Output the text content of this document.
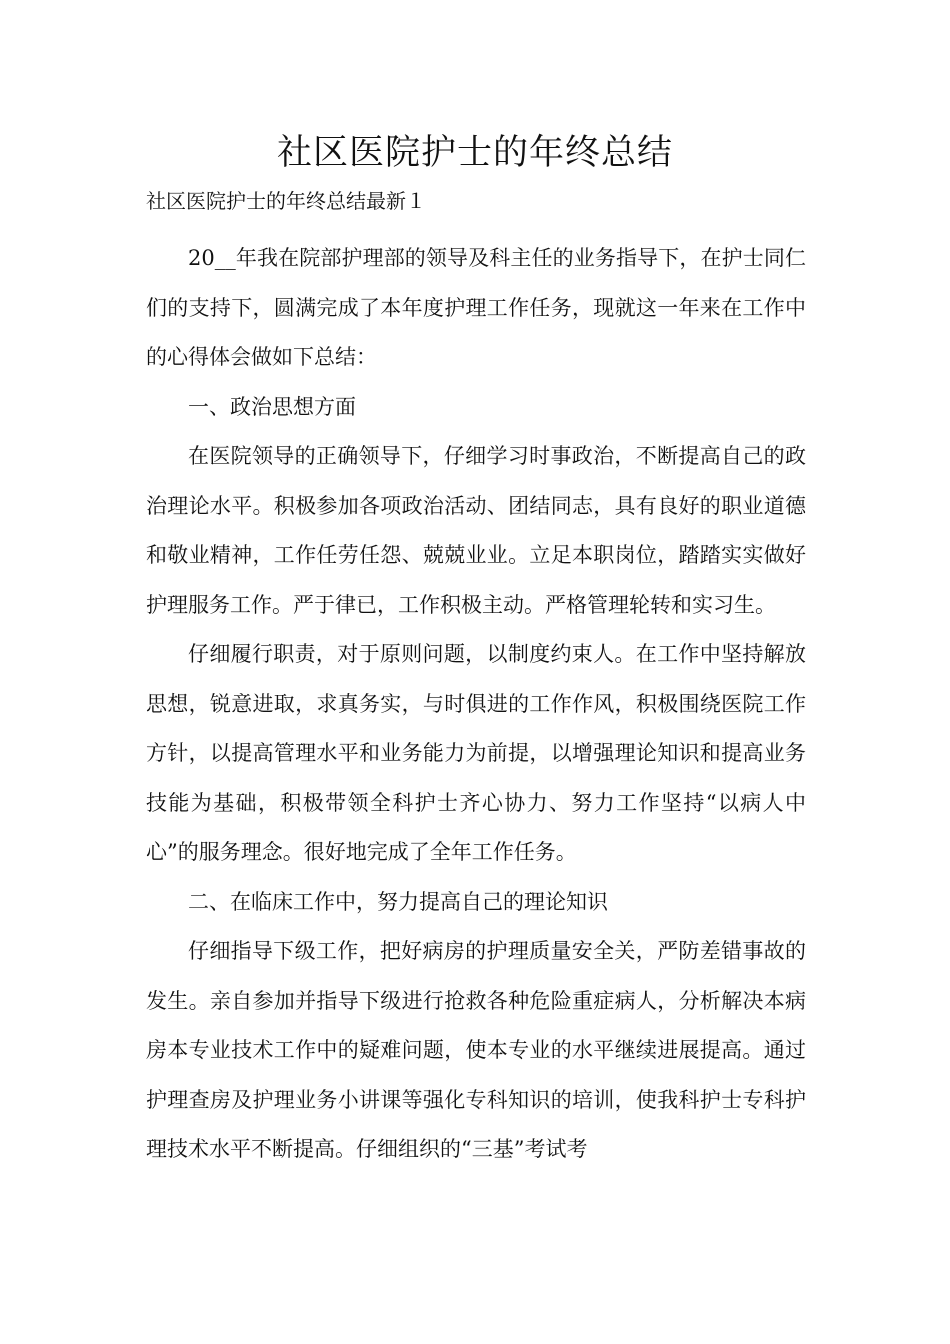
社区医院护士的年终总结
社区医院护士的年终总结最新１

20__年我在院部护理部的领导及科主任的业务指导下，在护士同仁们的支持下，圆满完成了本年度护理工作任务，现就这一年来在工作中的心得体会做如下总结：

一、政治思想方面

在医院领导的正确领导下，仔细学习时事政治，不断提高自己的政治理论水平。积极参加各项政治活动、团结同志，具有良好的职业道德和敬业精神，工作任劳任怨、兢兢业业。立足本职岗位，踏踏实实做好护理服务工作。严于律已，工作积极主动。严格管理轮转和实习生。

仔细履行职责，对于原则问题，以制度约束人。在工作中坚持解放思想，锐意进取，求真务实，与时俱进的工作作风，积极围绕医院工作方针，以提高管理水平和业务能力为前提，以增强理论知识和提高业务技能为基础，积极带领全科护士齐心协力、努力工作坚持“以病人中心”的服务理念。很好地完成了全年工作任务。

二、在临床工作中，努力提高自己的理论知识

仔细指导下级工作，把好病房的护理质量安全关，严防差错事故的发生。亲自参加并指导下级进行抢救各种危险重症病人，分析解决本病房本专业技术工作中的疑难问题，使本专业的水平继续进展提高。通过护理查房及护理业务小讲课等强化专科知识的培训，使我科护士专科护理技术水平不断提高。仔细组织的“三基”考试考
